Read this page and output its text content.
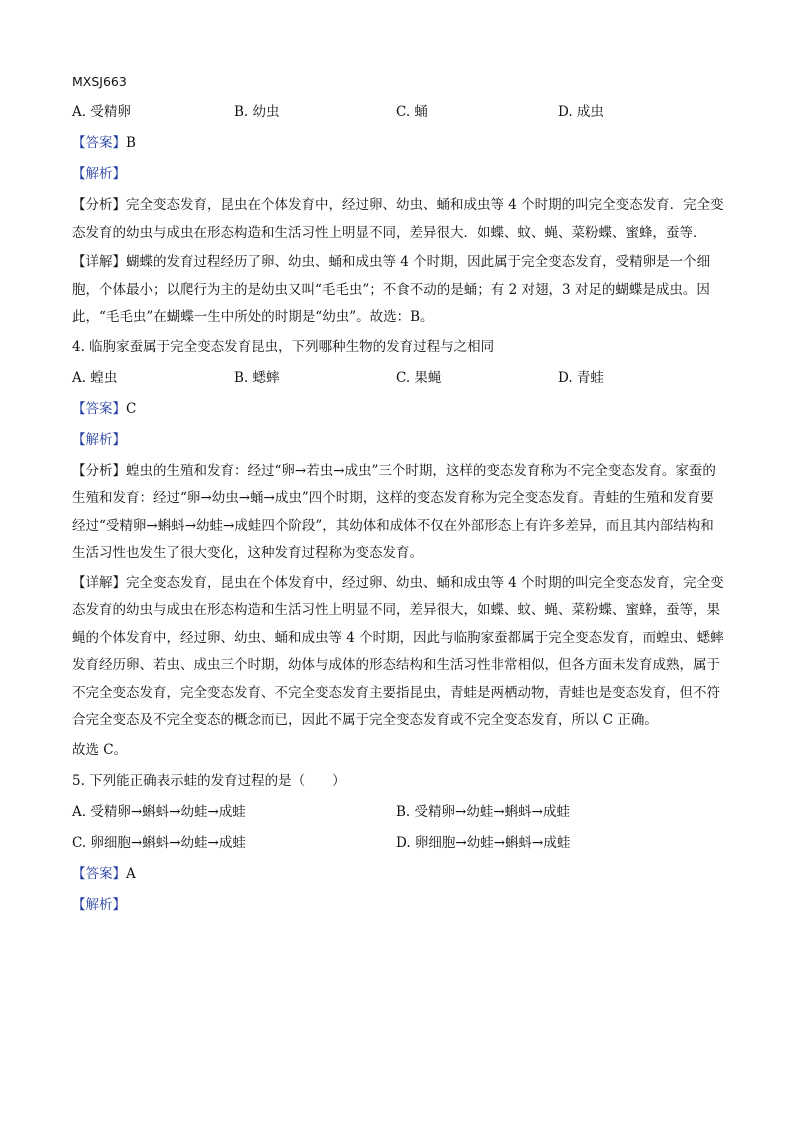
MXSJ663
A. 受精卵	B. 幼虫	C. 蛹	D. 成虫
【答案】B
【解析】
【分析】完全变态发育，昆虫在个体发育中，经过卵、幼虫、蛹和成虫等 4 个时期的叫完全变态发育．完全变态发育的幼虫与成虫在形态构造和生活习性上明显不同，差异很大．如蝶、蚊、蝇、菜粉蝶、蜜蜂，蚕等．
【详解】蝴蝶的发育过程经历了卵、幼虫、蛹和成虫等 4 个时期，因此属于完全变态发育，受精卵是一个细胞，个体最小；以爬行为主的是幼虫又叫“毛毛虫”；不食不动的是蛹；有 2 对翅，3 对足的蝴蝶是成虫。因此，“毛毛虫”在蝴蝶一生中所处的时期是“幼虫”。故选：B。
4. 临朐家蚕属于完全变态发育昆虫，下列哪种生物的发育过程与之相同
A. 蝗虫	B. 蟋蟀	C. 果蝇	D. 青蛙
【答案】C
【解析】
【分析】蝗虫的生殖和发育：经过“卵→若虫→成虫”三个时期，这样的变态发育称为不完全变态发育。家蚕的生殖和发育：经过“卵→幼虫→蛹→成虫”四个时期，这样的变态发育称为完全变态发育。青蛙的生殖和发育要经过“受精卵→蝌蚪→幼蛙→成蛙四个阶段”，其幼体和成体不仅在外部形态上有许多差异，而且其内部结构和生活习性也发生了很大变化，这种发育过程称为变态发育。
【详解】完全变态发育，昆虫在个体发育中，经过卵、幼虫、蛹和成虫等 4 个时期的叫完全变态发育，完全变态发育的幼虫与成虫在形态构造和生活习性上明显不同，差异很大，如蝶、蚊、蝇、菜粉蝶、蜜蜂，蚕等，果蝇的个体发育中，经过卵、幼虫、蛹和成虫等 4 个时期，因此与临朐家蚕都属于完全变态发育，而蝗虫、蟋蟀发育经历卵、若虫、成虫三个时期，幼体与成体的形态结构和生活习性非常相似，但各方面未发育成熟，属于不完全变态发育，完全变态发育、不完全变态发育主要指昆虫，青蛙是两栖动物，青蛙也是变态发育，但不符合完全变态及不完全变态的概念而已，因此不属于完全变态发育或不完全变态发育，所以 C 正确。
故选 C。
5. 下列能正确表示蛙的发育过程的是（　　）
A. 受精卵→蝌蚪→幼蛙→成蛙	B. 受精卵→幼蛙→蝌蚪→成蛙
C. 卵细胞→蝌蚪→幼蛙→成蛙	D. 卵细胞→幼蛙→蝌蚪→成蛙
【答案】A
【解析】
